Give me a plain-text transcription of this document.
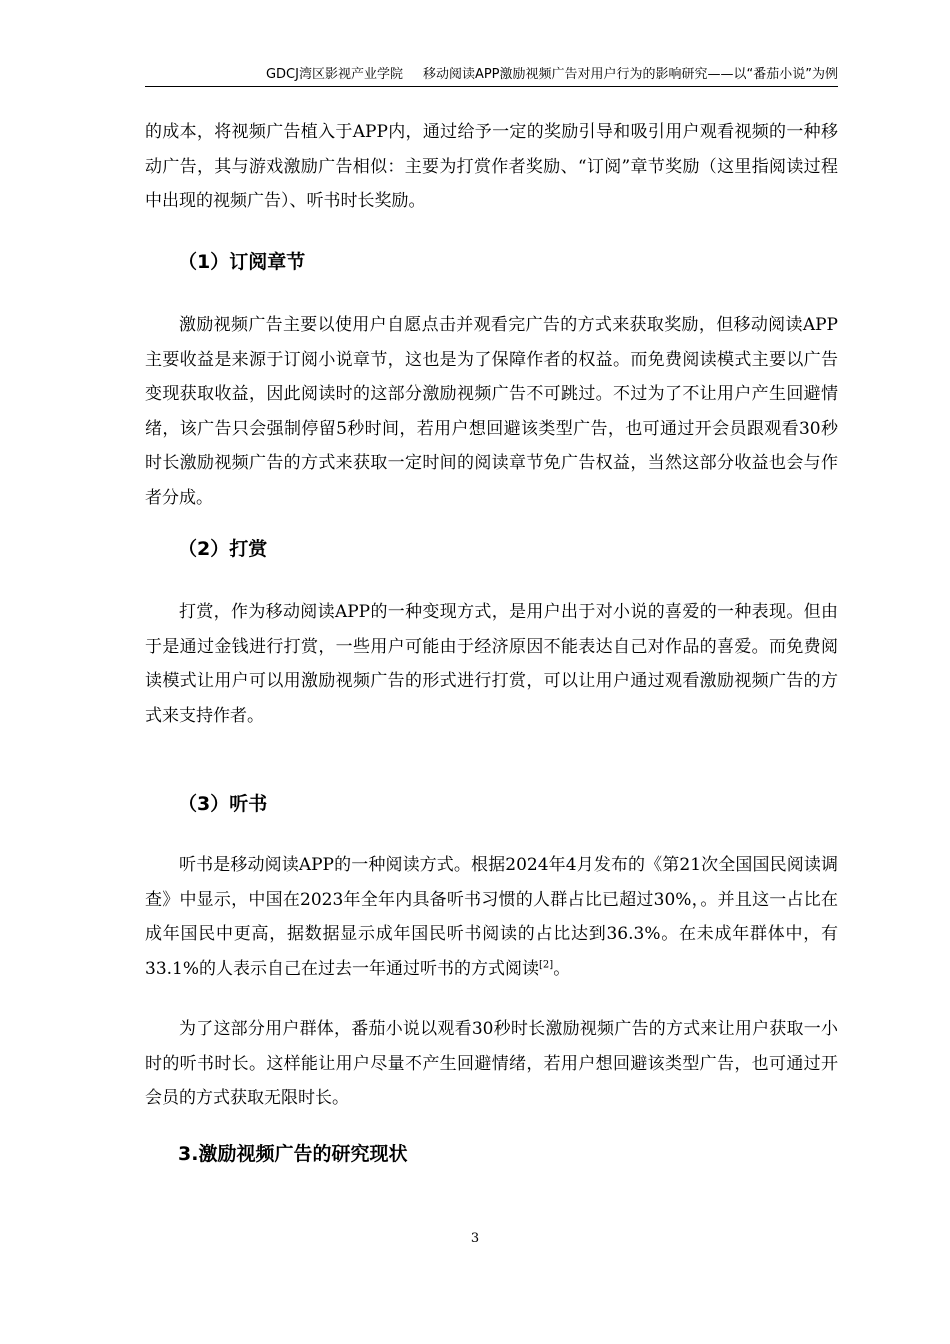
GDCJ湾区影视产业学院 移动阅读APP激励视频广告对用户行为的影响研究——以“番茄小说”为例

的成本，将视频广告植入于APP内，通过给予一定的奖励引导和吸引用户观看视频的一种移动广告，其与游戏激励广告相似：主要为打赏作者奖励、“订阅”章节奖励（这里指阅读过程中出现的视频广告）、听书时长奖励。

（1）订阅章节

激励视频广告主要以使用户自愿点击并观看完广告的方式来获取奖励，但移动阅读APP主要收益是来源于订阅小说章节，这也是为了保障作者的权益。而免费阅读模式主要以广告变现获取收益，因此阅读时的这部分激励视频广告不可跳过。不过为了不让用户产生回避情绪，该广告只会强制停留5秒时间，若用户想回避该类型广告，也可通过开会员跟观看30秒时长激励视频广告的方式来获取一定时间的阅读章节免广告权益，当然这部分收益也会与作者分成。

（2）打赏

打赏，作为移动阅读APP的一种变现方式，是用户出于对小说的喜爱的一种表现。但由于是通过金钱进行打赏，一些用户可能由于经济原因不能表达自己对作品的喜爱。而免费阅读模式让用户可以用激励视频广告的形式进行打赏，可以让用户通过观看激励视频广告的方式来支持作者。

（3）听书

听书是移动阅读APP的一种阅读方式。根据2024年4月发布的《第21次全国国民阅读调查》中显示，中国在2023年全年内具备听书习惯的人群占比已超过30%，。并且这一占比在成年国民中更高，据数据显示成年国民听书阅读的占比达到36.3%。在未成年群体中，有33.1%的人表示自己在过去一年通过听书的方式阅读[2]。

为了这部分用户群体，番茄小说以观看30秒时长激励视频广告的方式来让用户获取一小时的听书时长。这样能让用户尽量不产生回避情绪，若用户想回避该类型广告，也可通过开会员的方式获取无限时长。

3.激励视频广告的研究现状
3
